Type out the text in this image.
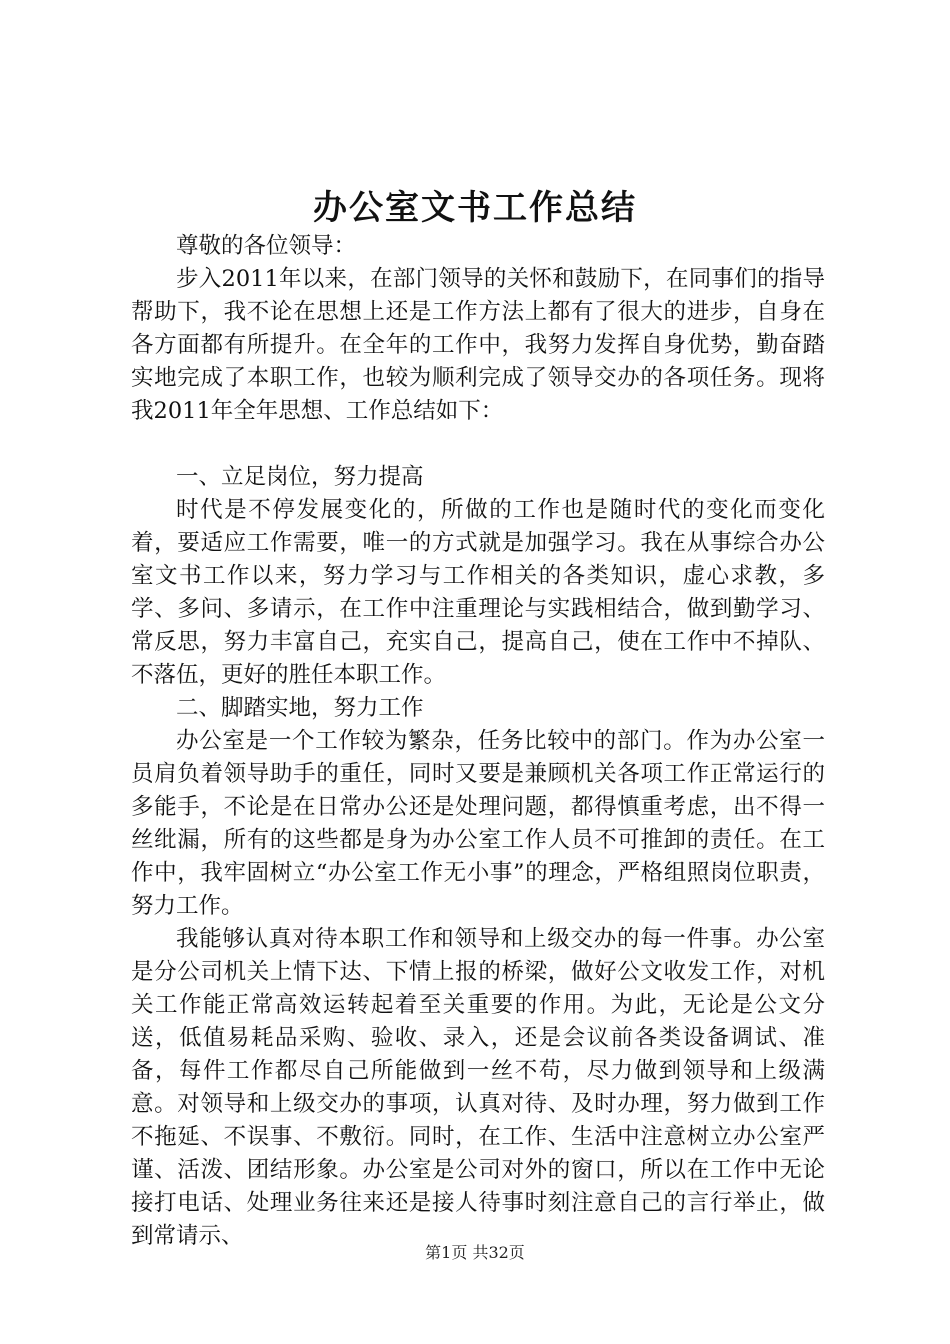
办公室文书工作总结

尊敬的各位领导：

步入2011年以来，在部门领导的关怀和鼓励下，在同事们的指导帮助下，我不论在思想上还是工作方法上都有了很大的进步，自身在各方面都有所提升。在全年的工作中，我努力发挥自身优势，勤奋踏实地完成了本职工作，也较为顺利完成了领导交办的各项任务。现将我2011年全年思想、工作总结如下：

一、立足岗位，努力提高

时代是不停发展变化的，所做的工作也是随时代的变化而变化着，要适应工作需要，唯一的方式就是加强学习。我在从事综合办公室文书工作以来，努力学习与工作相关的各类知识，虚心求教，多学、多问、多请示，在工作中注重理论与实践相结合，做到勤学习、常反思，努力丰富自己，充实自己，提高自己，使在工作中不掉队、不落伍，更好的胜任本职工作。

二、脚踏实地，努力工作

办公室是一个工作较为繁杂，任务比较中的部门。作为办公室一员肩负着领导助手的重任，同时又要是兼顾机关各项工作正常运行的多能手，不论是在日常办公还是处理问题，都得慎重考虑，出不得一丝纰漏，所有的这些都是身为办公室工作人员不可推卸的责任。在工作中，我牢固树立“办公室工作无小事”的理念，严格组照岗位职责，努力工作。

我能够认真对待本职工作和领导和上级交办的每一件事。办公室是分公司机关上情下达、下情上报的桥梁，做好公文收发工作，对机关工作能正常高效运转起着至关重要的作用。为此，无论是公文分送，低值易耗品采购、验收、录入，还是会议前各类设备调试、准备，每件工作都尽自己所能做到一丝不苟，尽力做到领导和上级满意。对领导和上级交办的事项，认真对待、及时办理，努力做到工作不拖延、不误事、不敷衍。同时，在工作、生活中注意树立办公室严谨、活泼、团结形象。办公室是公司对外的窗口，所以在工作中无论接打电话、处理业务往来还是接人待事时刻注意自己的言行举止，做到常请示、

第1页 共32页
